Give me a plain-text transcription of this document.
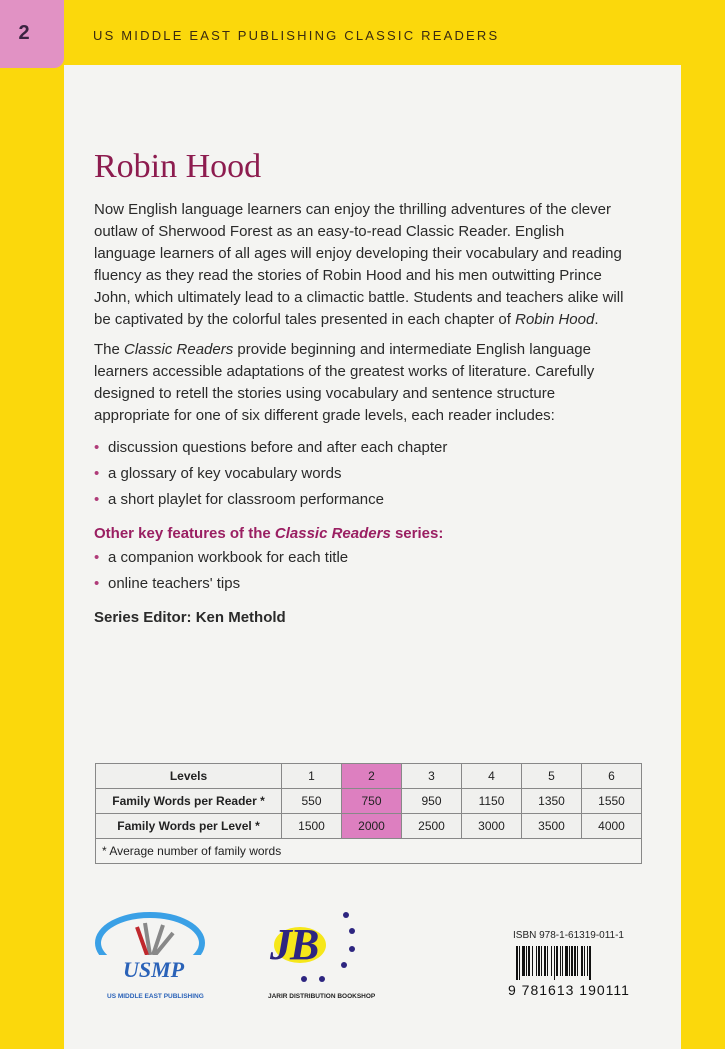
2	US MIDDLE EAST PUBLISHING CLASSIC READERS
Robin Hood

Now English language learners can enjoy the thrilling adventures of the clever outlaw of Sherwood Forest as an easy-to-read Classic Reader. English language learners of all ages will enjoy developing their vocabulary and reading fluency as they read the stories of Robin Hood and his men outwitting Prince John, which ultimately lead to a climactic battle. Students and teachers alike will be captivated by the colorful tales presented in each chapter of Robin Hood.

The Classic Readers provide beginning and intermediate English language learners accessible adaptations of the greatest works of literature. Carefully designed to retell the stories using vocabulary and sentence structure appropriate for one of six different grade levels, each reader includes:

• discussion questions before and after each chapter
• a glossary of key vocabulary words
• a short playlet for classroom performance

Other key features of the Classic Readers series:

• a companion workbook for each title
• online teachers' tips
Series Editor: Ken Methold
Levels	1	2	3	4	5	6
Family Words per Reader *	550	750	950	1150	1350	1550
Family Words per Level *	1500	2000	2500	3000	3500	4000
* Average number of family words						
USMP
US MIDDLE EAST PUBLISHING
JB
JARIR DISTRIBUTION BOOKSHOP
ISBN 978-1-61319-011-1
9 781613 190111
